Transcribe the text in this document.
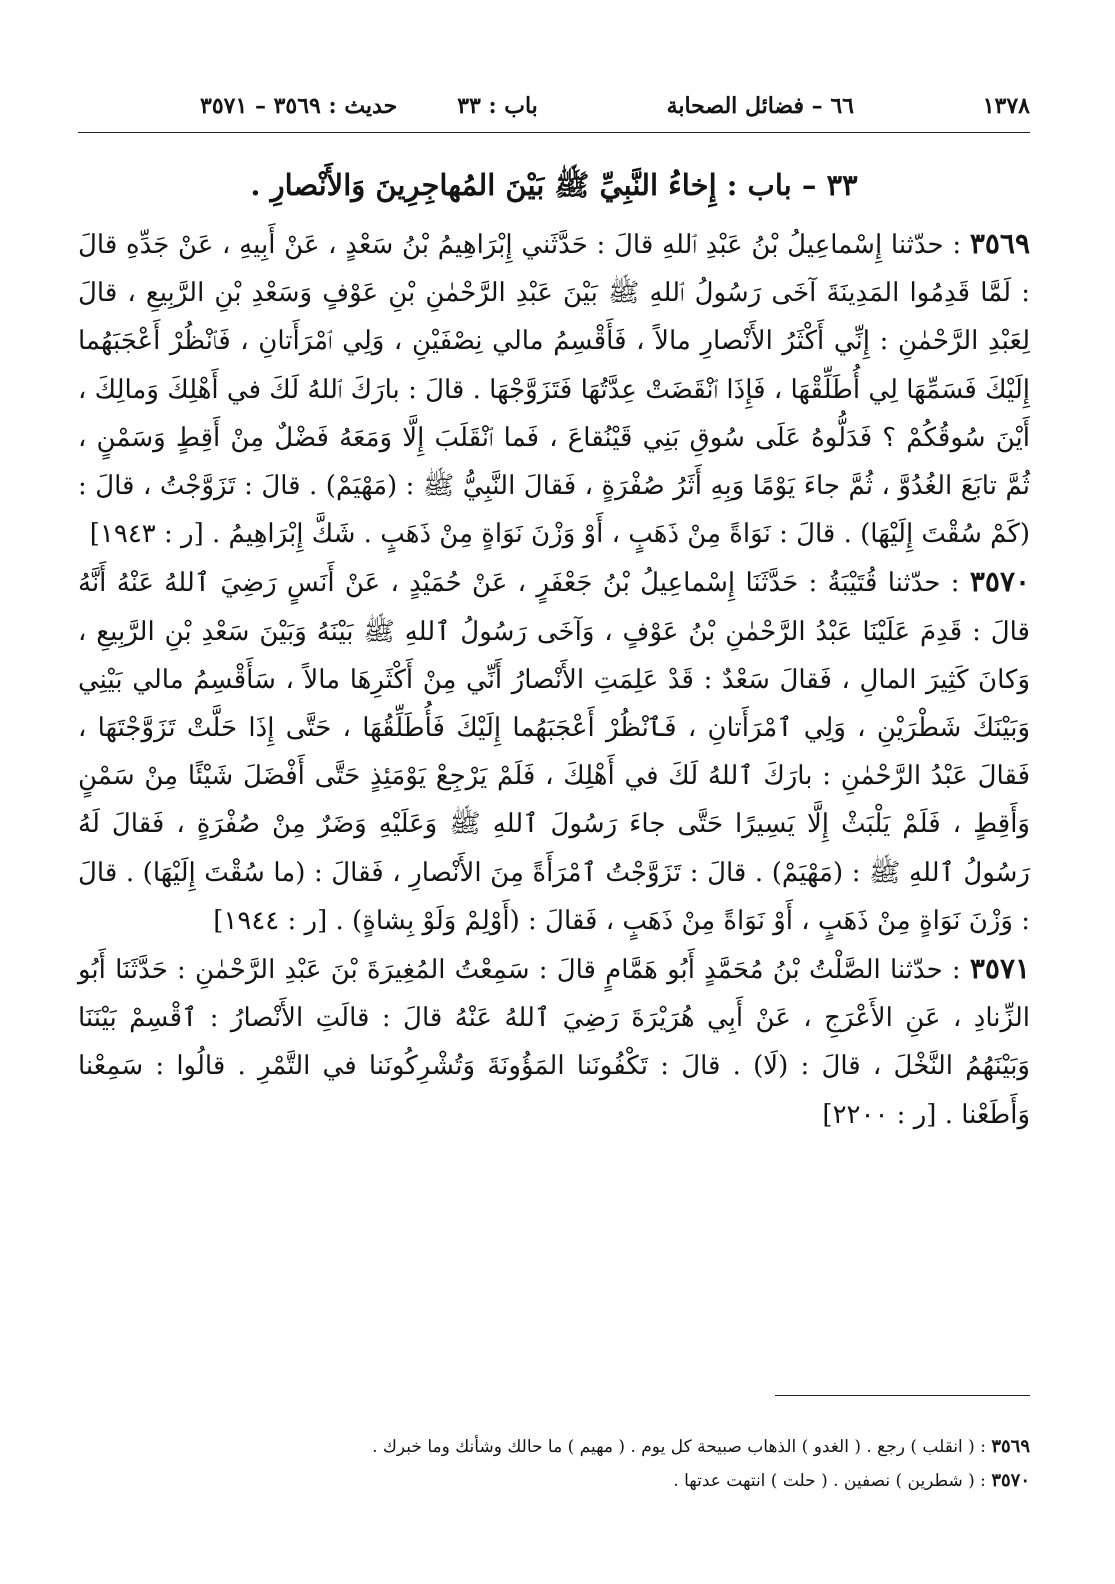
١٣٧٨
٦٦ – فضائل الصحابة
باب : ٣٣
حديث : ٣٥٦٩ – ٣٥٧١
٣٣ – باب : إِخاءُ النَّبِيِّ ﷺ بَيْنَ المُهاجِرِينَ وَالأَنْصارِ .

٣٥٦٩ : حدّثنا إِسْماعِيلُ بْنُ عَبْدِ ٱللهِ قالَ : حَدَّثَني إِبْرَاهِيمُ بْنُ سَعْدٍ ، عَنْ أَبِيهِ ، عَنْ جَدِّهِ قالَ : لَمَّا قَدِمُوا المَدِينَةَ آخَى رَسُولُ ٱللهِ ﷺ بَيْنَ عَبْدِ الرَّحْمٰنِ بْنِ عَوْفٍ وَسَعْدِ بْنِ الرَّبِيعِ ، قالَ لِعَبْدِ الرَّحْمٰنِ : إِنِّي أَكْثَرُ الأَنْصارِ مالاً ، فَأَقْسِمُ مالي نِصْفَيْنِ ، وَلِي ٱمْرَأَتانِ ، فَٱنْظُرْ أَعْجَبَهُما إِلَيْكَ فَسَمِّهَا لِي أُطَلِّقْهَا ، فَإِذَا ٱنْقَضَتْ عِدَّتُهَا فَتَزَوَّجْهَا . قالَ : بارَكَ ٱللهُ لَكَ في أَهْلِكَ وَمالِكَ ، أَيْنَ سُوقُكُمْ ؟ فَدَلُّوهُ عَلَى سُوقِ بَنِي قَيْنُقاعَ ، فَما ٱنْقَلَبَ إِلَّا وَمَعَهُ فَضْلٌ مِنْ أَقِطٍ وَسَمْنٍ ، ثُمَّ تابَعَ الغُدُوَّ ، ثُمَّ جاءَ يَوْمًا وَبِهِ أَثَرُ صُفْرَةٍ ، فَقالَ النَّبِيُّ ﷺ : (مَهْيَمْ) . قالَ : تَزَوَّجْتُ ، قالَ : (كَمْ سُقْتَ إِلَيْهَا) . قالَ : نَوَاةً مِنْ ذَهَبٍ ، أَوْ وَزْنَ نَوَاةٍ مِنْ ذَهَبٍ . شَكَّ إِبْرَاهِيمُ . [ر : ١٩٤٣]

٣٥٧٠ : حدّثنا قُتَيْبَةُ : حَدَّثَنَا إِسْماعِيلُ بْنُ جَعْفَرٍ ، عَنْ حُمَيْدٍ ، عَنْ أَنَسٍ رَضِيَ ٱللهُ عَنْهُ أَنَّهُ قالَ : قَدِمَ عَلَيْنَا عَبْدُ الرَّحْمٰنِ بْنُ عَوْفٍ ، وَآخَى رَسُولُ ٱللهِ ﷺ بَيْنَهُ وَبَيْنَ سَعْدِ بْنِ الرَّبِيعِ ، وَكانَ كَثِيرَ المالِ ، فَقالَ سَعْدٌ : قَدْ عَلِمَتِ الأَنْصارُ أَنِّي مِنْ أَكْثَرِهَا مالاً ، سَأَقْسِمُ مالي بَيْنِي وَبَيْنَكَ شَطْرَيْنِ ، وَلِي ٱمْرَأَتانِ ، فَٱنْظُرْ أَعْجَبَهُما إِلَيْكَ فَأُطَلِّقُهَا ، حَتَّى إِذَا حَلَّتْ تَزَوَّجْتَهَا ، فَقالَ عَبْدُ الرَّحْمٰنِ : بارَكَ ٱللهُ لَكَ في أَهْلِكَ ، فَلَمْ يَرْجِعْ يَوْمَئِذٍ حَتَّى أَفْضَلَ شَيْئًا مِنْ سَمْنٍ وَأَقِطٍ ، فَلَمْ يَلْبَثْ إِلَّا يَسِيرًا حَتَّى جاءَ رَسُولَ ٱللهِ ﷺ وَعَلَيْهِ وَضَرٌ مِنْ صُفْرَةٍ ، فَقالَ لَهُ رَسُولُ ٱللهِ ﷺ : (مَهْيَمْ) . قالَ : تَزَوَّجْتُ ٱمْرَأَةً مِنَ الأَنْصارِ ، فَقالَ : (ما سُقْتَ إِلَيْهَا) . قالَ : وَزْنَ نَوَاةٍ مِنْ ذَهَبٍ ، أَوْ نَوَاةً مِنْ ذَهَبٍ ، فَقالَ : (أَوْلِمْ وَلَوْ بِشاةٍ) . [ر : ١٩٤٤]

٣٥٧١ : حدّثنا الصَّلْتُ بْنُ مُحَمَّدٍ أَبُو هَمَّامٍ قالَ : سَمِعْتُ المُغِيرَةَ بْنَ عَبْدِ الرَّحْمٰنِ : حَدَّثَنَا أَبُو الزِّنادِ ، عَنِ الأَعْرَجِ ، عَنْ أَبِي هُرَيْرَةَ رَضِيَ ٱللهُ عَنْهُ قالَ : قالَتِ الأَنْصارُ : ٱقْسِمْ بَيْنَنَا وَبَيْنَهُمُ النَّخْلَ ، قالَ : (لَا) . قالَ : تَكْفُونَنا المَؤُونَةَ وَتُشْرِكُونَنا في التَّمْرِ . قالُوا : سَمِعْنا وَأَطَعْنا . [ر : ٢٢٠٠]

٣٥٦٩ : ( انقلب ) رجع . ( الغدو ) الذهاب صبيحة كل يوم . ( مهيم ) ما حالك وشأنك وما خبرك .

٣٥٧٠ : ( شطرين ) نصفين . ( حلت ) انتهت عدتها .
